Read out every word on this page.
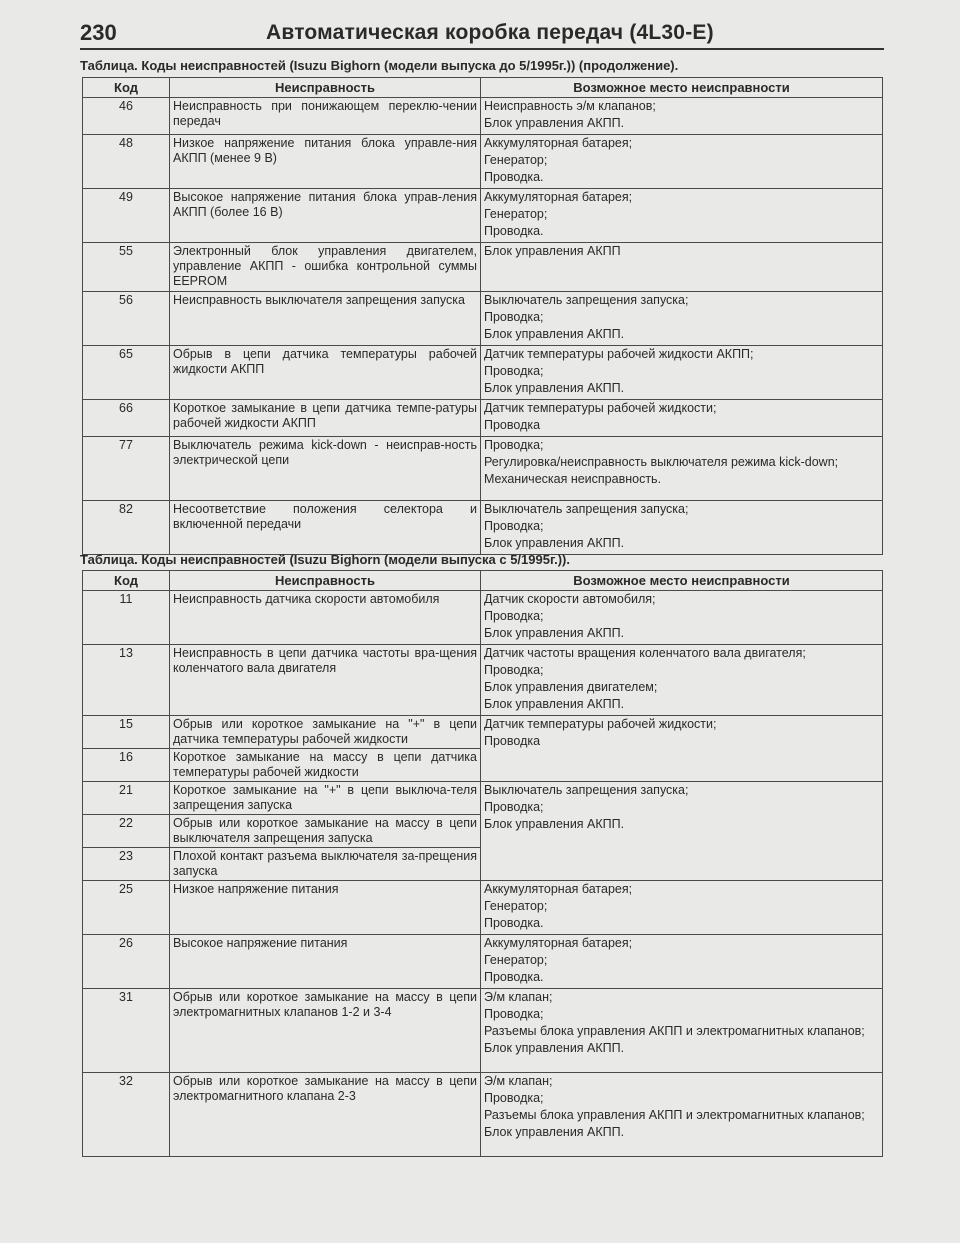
230	Автоматическая коробка передач (4L30-E)
Таблица. Коды неисправностей (Isuzu Bighorn (модели выпуска до 5/1995г.)) (продолжение).
Код	Неисправность	Возможное место неисправности
46	Неисправность при понижающем переклю-чении передач	Неисправность э/м клапанов;
Блок управления АКПП.

48	Низкое напряжение питания блока управле-ния АКПП (менее 9 В)	Аккумуляторная батарея;
Генератор;
Проводка.

49	Высокое напряжение питания блока управ-ления АКПП (более 16 В)	Аккумуляторная батарея;
Генератор;
Проводка.

55	Электронный блок управления двигателем, управление АКПП - ошибка контрольной суммы EEPROM	Блок управления АКПП

56	Неисправность выключателя запрещения запуска	Выключатель запрещения запуска;
Проводка;
Блок управления АКПП.

65	Обрыв в цепи датчика температуры рабочей жидкости АКПП	Датчик температуры рабочей жидкости АКПП;
Проводка;
Блок управления АКПП.

66	Короткое замыкание в цепи датчика темпе-ратуры рабочей жидкости АКПП	Датчик температуры рабочей жидкости;
Проводка

77	Выключатель режима kick-down - неисправ-ность электрической цепи	Проводка;
Регулировка/неисправность выключателя режима kick-down;
Механическая неисправность.

82	Несоответствие положения селектора и включенной передачи	Выключатель запрещения запуска;
Проводка;
Блок управления АКПП.
Таблица. Коды неисправностей (Isuzu Bighorn (модели выпуска с 5/1995г.)).
Код	Неисправность	Возможное место неисправности
11	Неисправность датчика скорости автомобиля	Датчик скорости автомобиля;
Проводка;
Блок управления АКПП.

13	Неисправность в цепи датчика частоты вра-щения коленчатого вала двигателя	Датчик частоты вращения коленчатого вала двигателя;
Проводка;
Блок управления двигателем;
Блок управления АКПП.

15	Обрыв или короткое замыкание на "+" в цепи датчика температуры рабочей жидкости	Датчик температуры рабочей жидкости;
Проводка

16	Короткое замыкание на массу в цепи датчика температуры рабочей жидкости	
21	Короткое замыкание на "+" в цепи выключа-теля запрещения запуска	Выключатель запрещения запуска;
Проводка;
Блок управления АКПП.

22	Обрыв или короткое замыкание на массу в цепи выключателя запрещения запуска	
23	Плохой контакт разъема выключателя за-прещения запуска	
25	Низкое напряжение питания	Аккумуляторная батарея;
Генератор;
Проводка.

26	Высокое напряжение питания	Аккумуляторная батарея;
Генератор;
Проводка.

31	Обрыв или короткое замыкание на массу в цепи электромагнитных клапанов 1-2 и 3-4	Э/м клапан;
Проводка;
Разъемы блока управления АКПП и электромагнитных клапанов;
Блок управления АКПП.

32	Обрыв или короткое замыкание на массу в цепи электромагнитного клапана 2-3	Э/м клапан;
Проводка;
Разъемы блока управления АКПП и электромагнитных клапанов;
Блок управления АКПП.
